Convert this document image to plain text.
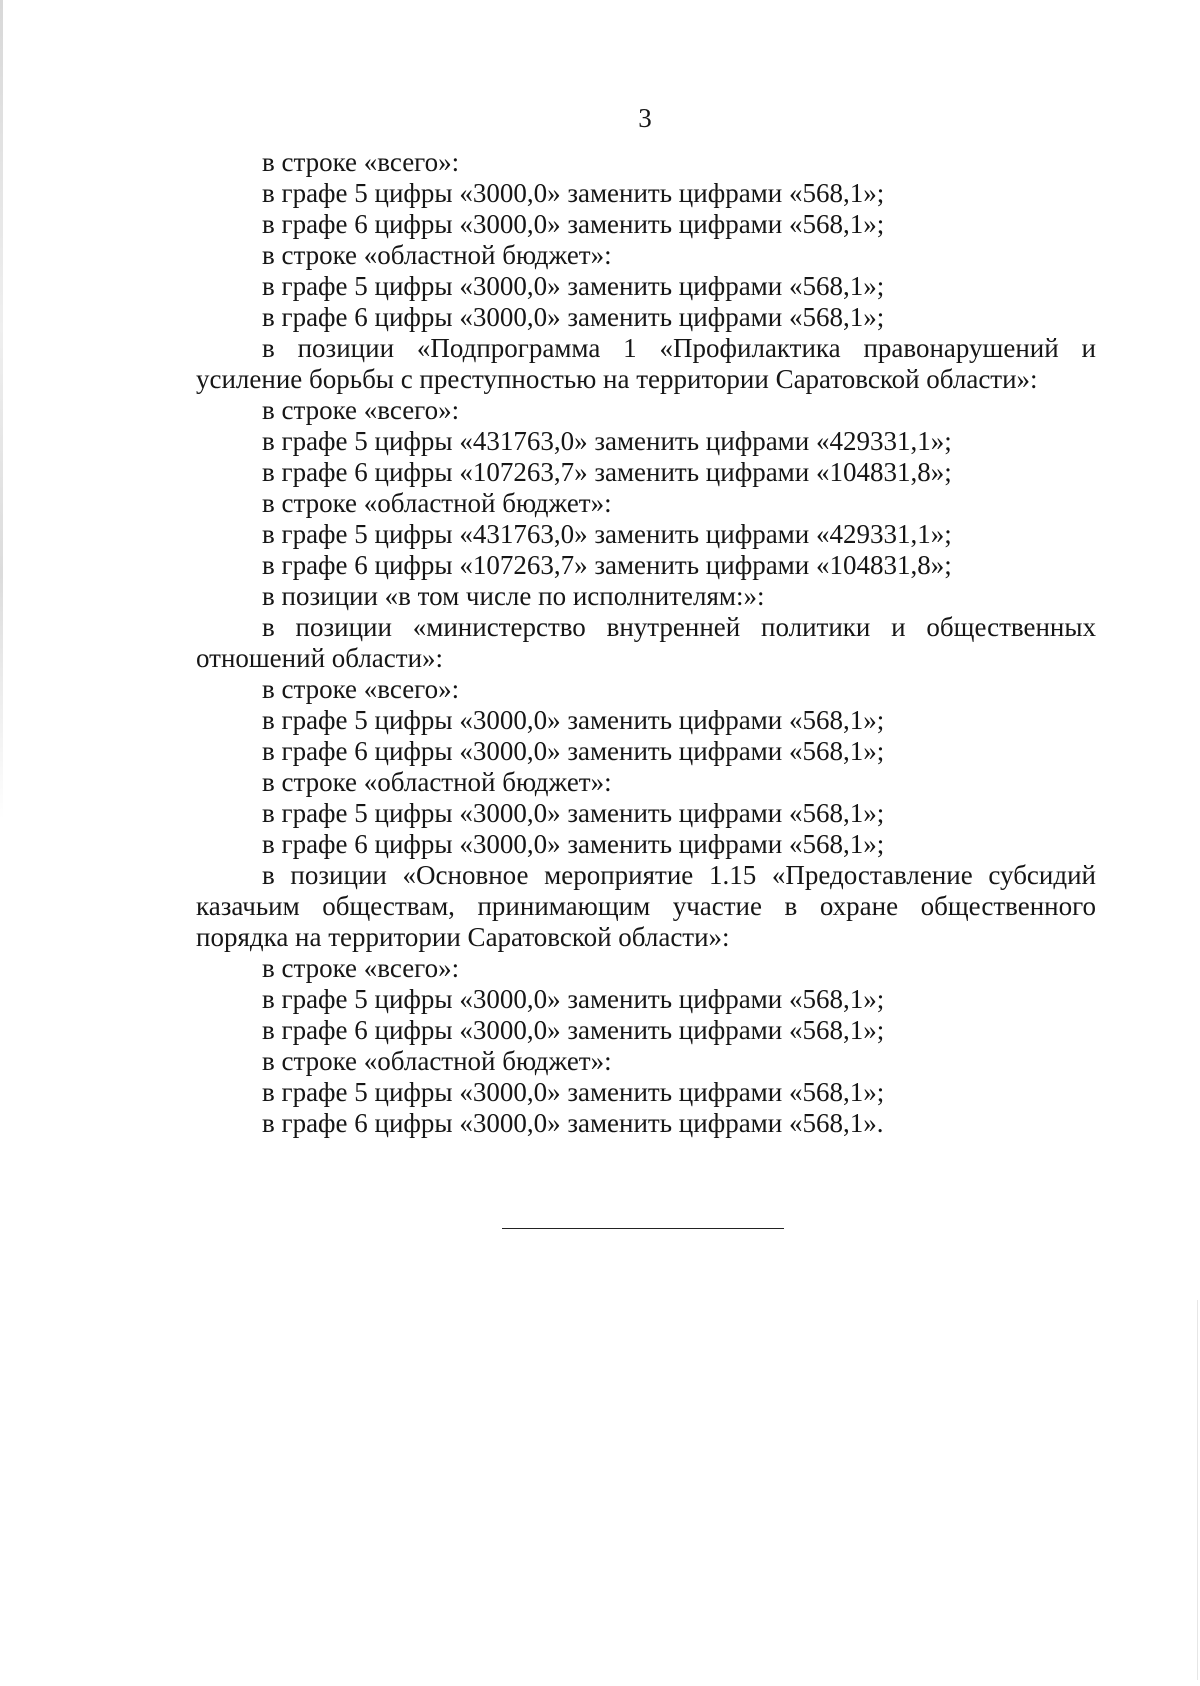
3

в строке «всего»:

в графе 5 цифры «3000,0» заменить цифрами «568,1»;

в графе 6 цифры «3000,0» заменить цифрами «568,1»;

в строке «областной бюджет»:

в графе 5 цифры «3000,0» заменить цифрами «568,1»;

в графе 6 цифры «3000,0» заменить цифрами «568,1»;

в позиции «Подпрограмма 1 «Профилактика правонарушений и усиление борьбы с преступностью на территории Саратовской области»:

в строке «всего»:

в графе 5 цифры «431763,0» заменить цифрами «429331,1»;

в графе 6 цифры «107263,7» заменить цифрами «104831,8»;

в строке «областной бюджет»:

в графе 5 цифры «431763,0» заменить цифрами «429331,1»;

в графе 6 цифры «107263,7» заменить цифрами «104831,8»;

в позиции «в том числе по исполнителям:»:

в позиции «министерство внутренней политики и общественных отношений области»:

в строке «всего»:

в графе 5 цифры «3000,0» заменить цифрами «568,1»;

в графе 6 цифры «3000,0» заменить цифрами «568,1»;

в строке «областной бюджет»:

в графе 5 цифры «3000,0» заменить цифрами «568,1»;

в графе 6 цифры «3000,0» заменить цифрами «568,1»;

в позиции «Основное мероприятие 1.15 «Предоставление субсидий казачьим обществам, принимающим участие в охране общественного порядка на территории Саратовской области»:

в строке «всего»:

в графе 5 цифры «3000,0» заменить цифрами «568,1»;

в графе 6 цифры «3000,0» заменить цифрами «568,1»;

в строке «областной бюджет»:

в графе 5 цифры «3000,0» заменить цифрами «568,1»;

в графе 6 цифры «3000,0» заменить цифрами «568,1».
